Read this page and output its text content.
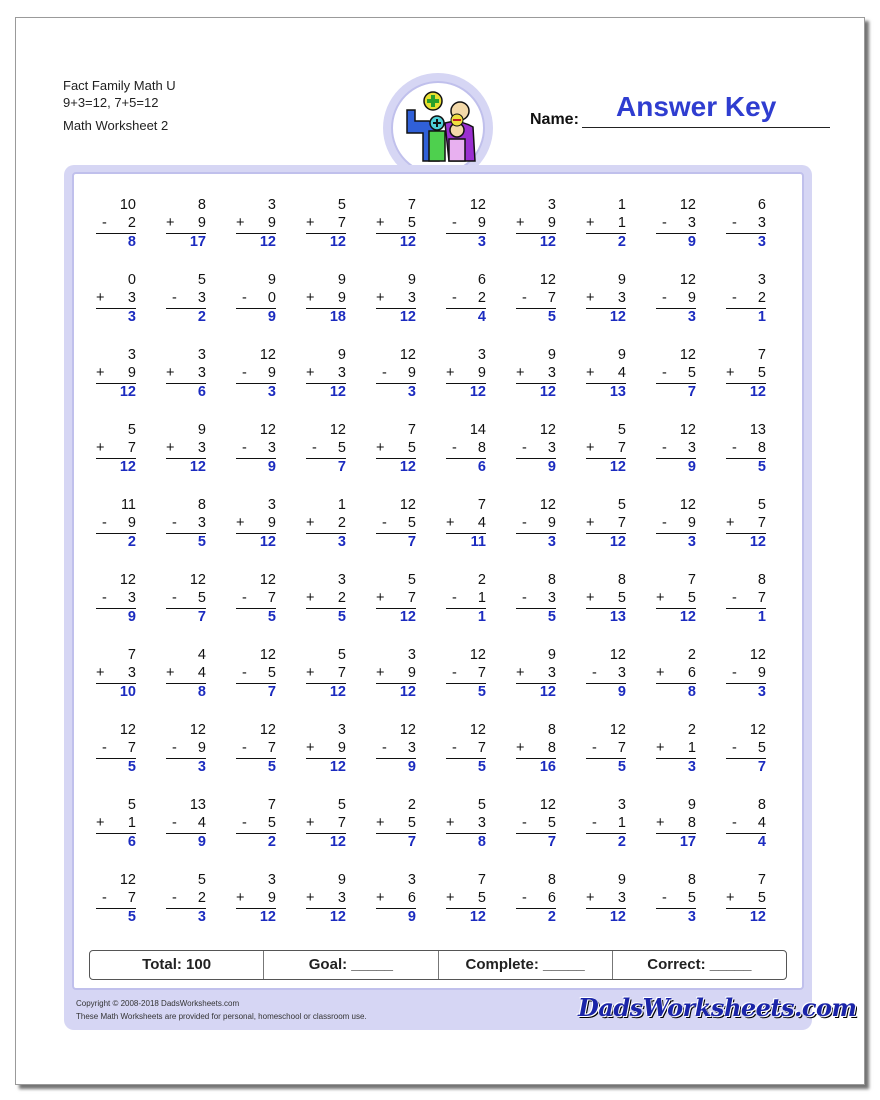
Fact Family Math U
9+3=12, 7+5=12
Math Worksheet 2
Answer Key
Name:
10
- 2
8
8
+ 9
17
3
+ 9
12
5
+ 7
12
7
+ 5
12
12
- 9
3
3
+ 9
12
1
+ 1
2
12
- 3
9
6
- 3
3
0
+ 3
3
5
- 3
2
9
- 0
9
9
+ 9
18
9
+ 3
12
6
- 2
4
12
- 7
5
9
+ 3
12
12
- 9
3
3
- 2
1
3
+ 9
12
3
+ 3
6
12
- 9
3
9
+ 3
12
12
- 9
3
3
+ 9
12
9
+ 3
12
9
+ 4
13
12
- 5
7
7
+ 5
12
5
+ 7
12
9
+ 3
12
12
- 3
9
12
- 5
7
7
+ 5
12
14
- 8
6
12
- 3
9
5
+ 7
12
12
- 3
9
13
- 8
5
11
- 9
2
8
- 3
5
3
+ 9
12
1
+ 2
3
12
- 5
7
7
+ 4
11
12
- 9
3
5
+ 7
12
12
- 9
3
5
+ 7
12
12
- 3
9
12
- 5
7
12
- 7
5
3
+ 2
5
5
+ 7
12
2
- 1
1
8
- 3
5
8
+ 5
13
7
+ 5
12
8
- 7
1
7
+ 3
10
4
+ 4
8
12
- 5
7
5
+ 7
12
3
+ 9
12
12
- 7
5
9
+ 3
12
12
- 3
9
2
+ 6
8
12
- 9
3
12
- 7
5
12
- 9
3
12
- 7
5
3
+ 9
12
12
- 3
9
12
- 7
5
8
+ 8
16
12
- 7
5
2
+ 1
3
12
- 5
7
5
+ 1
6
13
- 4
9
7
- 5
2
5
+ 7
12
2
+ 5
7
5
+ 3
8
12
- 5
7
3
- 1
2
9
+ 8
17
8
- 4
4
12
- 7
5
5
- 2
3
3
+ 9
12
9
+ 3
12
3
+ 6
9
7
+ 5
12
8
- 6
2
9
+ 3
12
8
- 5
3
7
+ 5
12
Total: 100	Goal: _____	Complete: _____	Correct: _____
Copyright © 2008-2018 DadsWorksheets.com
These Math Worksheets are provided for personal, homeschool or classroom use.	DadsWorksheets.com
